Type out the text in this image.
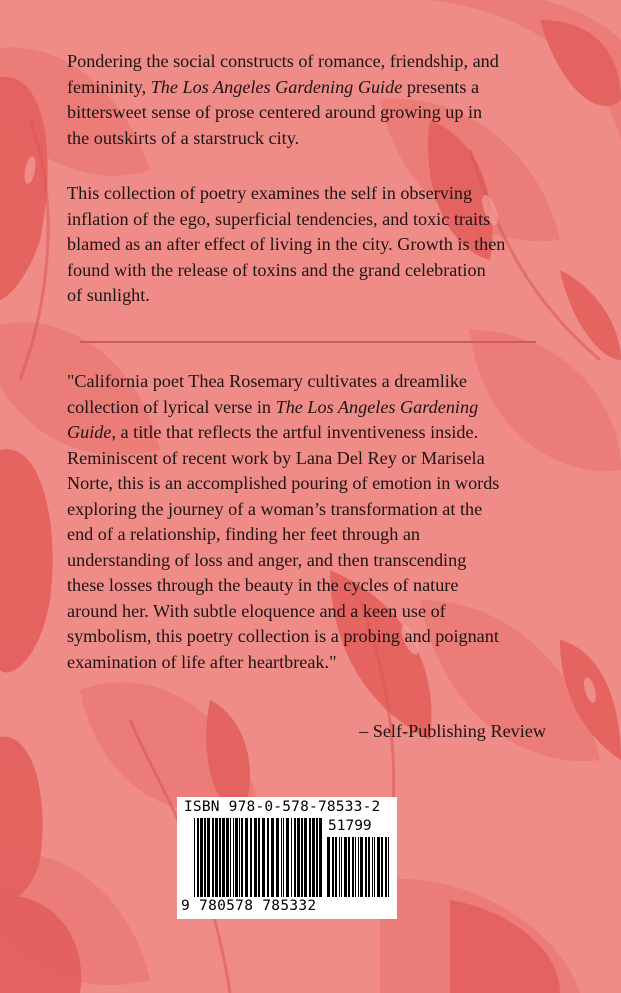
Pondering the social constructs of romance, friendship, and
femininity, The Los Angeles Gardening Guide presents a
bittersweet sense of prose centered around growing up in
the outskirts of a starstruck city.
This collection of poetry examines the self in observing
inflation of the ego, superficial tendencies, and toxic traits
blamed as an after effect of living in the city. Growth is then
found with the release of toxins and the grand celebration
of sunlight.
"California poet Thea Rosemary cultivates a dreamlike
collection of lyrical verse in The Los Angeles Gardening
Guide, a title that reflects the artful inventiveness inside.
Reminiscent of recent work by Lana Del Rey or Marisela
Norte, this is an accomplished pouring of emotion in words
exploring the journey of a woman’s transformation at the
end of a relationship, finding her feet through an
understanding of loss and anger, and then transcending
these losses through the beauty in the cycles of nature
around her. With subtle eloquence and a keen use of
symbolism, this poetry collection is a probing and poignant
examination of life after heartbreak."
– Self-Publishing Review
ISBN 978-0-578-78533-2
51799
9 780578 785332
